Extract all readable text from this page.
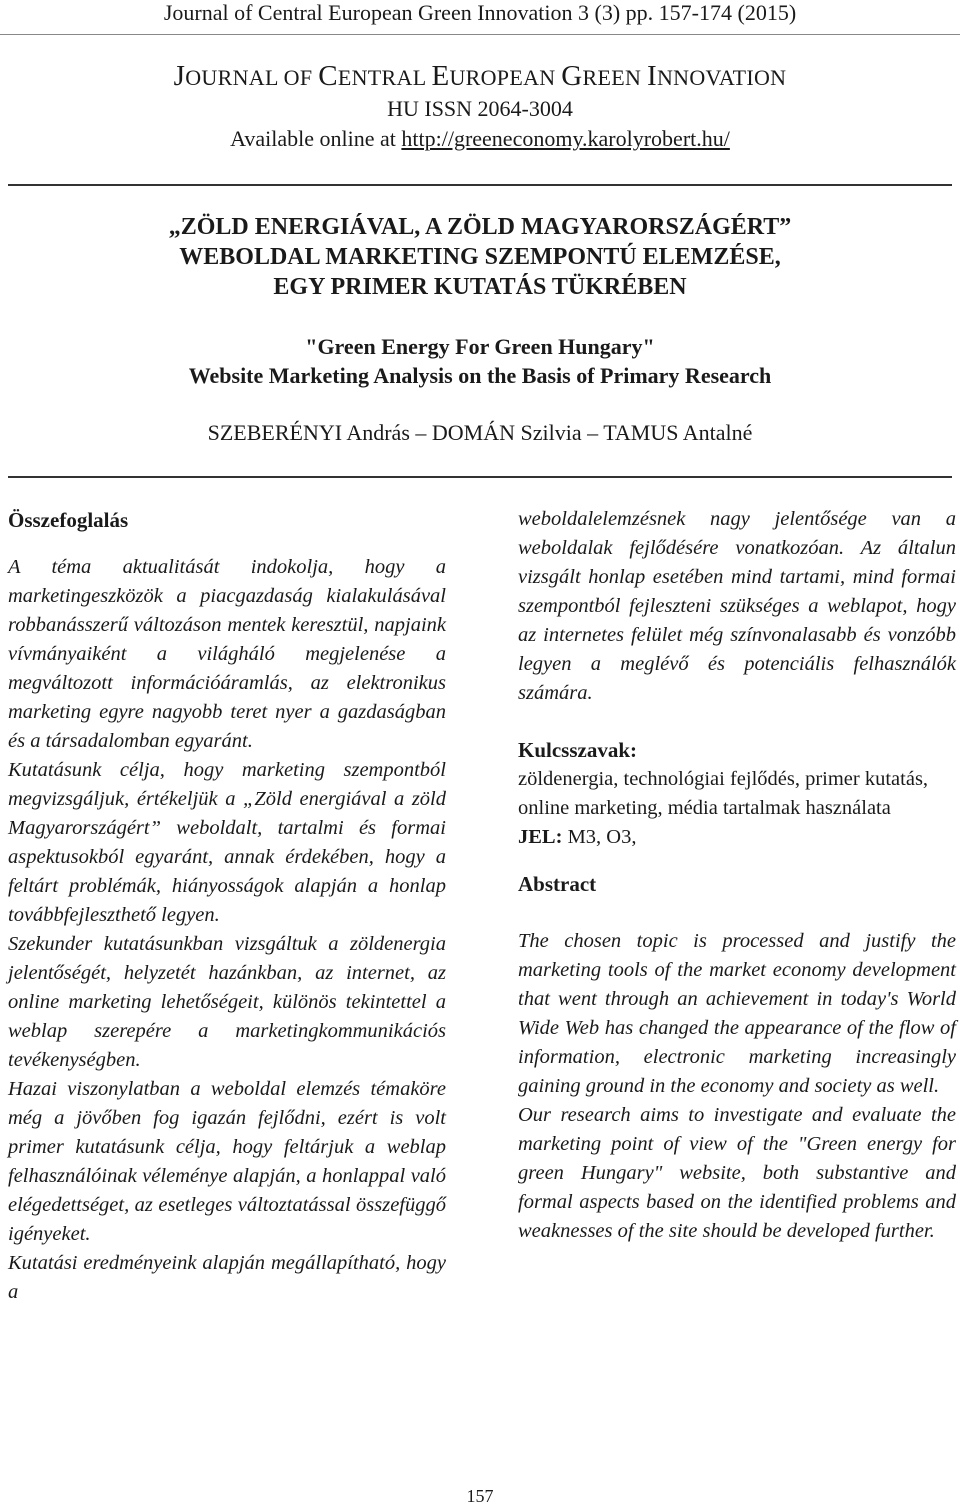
Journal of Central European Green Innovation 3 (3) pp. 157-174 (2015)
JOURNAL OF CENTRAL EUROPEAN GREEN INNOVATION
HU ISSN 2064-3004
Available online at http://greeneconomy.karolyrobert.hu/
„ZÖLD ENERGIÁVAL, A ZÖLD MAGYARORSZÁGÉRT”
WEBOLDAL MARKETING SZEMPONTÚ ELEMZÉSE,
EGY PRIMER KUTATÁS TÜKRÉBEN
"Green Energy For Green Hungary"
Website Marketing Analysis on the Basis of Primary Research
SZEBERÉNYI András – DOMÁN Szilvia – TAMUS Antalné

Összefoglalás

A téma aktualitását indokolja, hogy a marketingeszközök a piacgazdaság kialakulásával robbanásszerű változáson mentek keresztül, napjaink vívmányaiként a világháló megjelenése a megváltozott információáramlás, az elektronikus marketing egyre nagyobb teret nyer a gazdaságban és a társadalomban egyaránt.

Kutatásunk célja, hogy marketing szempontból megvizsgáljuk, értékeljük a „Zöld energiával a zöld Magyarországért” weboldalt, tartalmi és formai aspektusokból egyaránt, annak érdekében, hogy a feltárt problémák, hiányosságok alapján a honlap továbbfejleszthető legyen.

Szekunder kutatásunkban vizsgáltuk a zöldenergia jelentőségét, helyzetét hazánkban, az internet, az online marketing lehetőségeit, különös tekintettel a weblap szerepére a marketingkommunikációs tevékenységben.

Hazai viszonylatban a weboldal elemzés témaköre még a jövőben fog igazán fejlődni, ezért is volt primer kutatásunk célja, hogy feltárjuk a weblap felhasználóinak véleménye alapján, a honlappal való elégedettséget, az esetleges változtatással összefüggő igényeket.

Kutatási eredményeink alapján megállapítható, hogy a

weboldalelemzésnek nagy jelentősége van a weboldalak fejlődésére vonatkozóan. Az általun vizsgált honlap esetében mind tartami, mind formai szempontból fejleszteni szükséges a weblapot, hogy az internetes felület még színvonalasabb és vonzóbb legyen a meglévő és potenciális felhasználók számára.

Kulcsszavak:

zöldenergia, technológiai fejlődés, primer kutatás, online marketing, média tartalmak használata

JEL: M3, O3,

Abstract

The chosen topic is processed and justify the marketing tools of the market economy development that went through an achievement in today's World Wide Web has changed the appearance of the flow of information, electronic marketing increasingly gaining ground in the economy and society as well.

Our research aims to investigate and evaluate the marketing point of view of the "Green energy for green Hungary" website, both substantive and formal aspects based on the identified problems and weaknesses of the site should be developed further.

157
